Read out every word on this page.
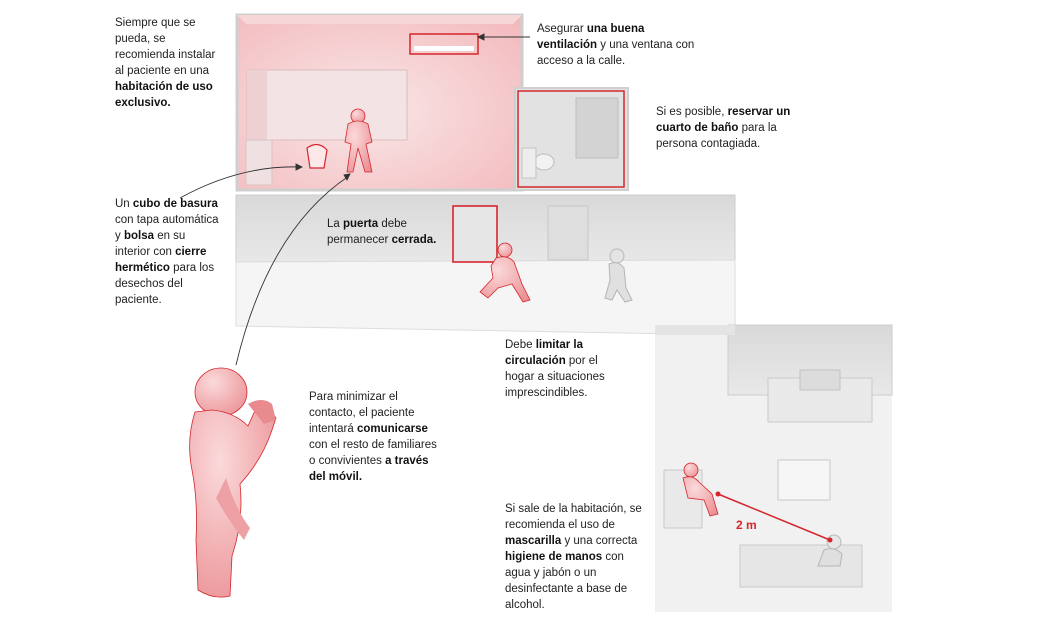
Siempre que se pueda, se recomienda instalar al paciente en una habitación de uso exclusivo.
Asegurar una buena ventilación y una ventana con acceso a la calle.
Si es posible, reservar un cuarto de baño para la persona contagiada.
Un cubo de basura con tapa automática y bolsa en su interior con cierre hermético para los desechos del paciente.
La puerta debe permanecer cerrada.
Debe limitar la circulación por el hogar a situaciones imprescindibles.
Para minimizar el contacto, el paciente intentará comunicarse con el resto de familiares o convivientes a través del móvil.
Si sale de la habitación, se recomienda el uso de mascarilla y una correcta higiene de manos con agua y jabón o un desinfectante a base de alcohol.
2 m
